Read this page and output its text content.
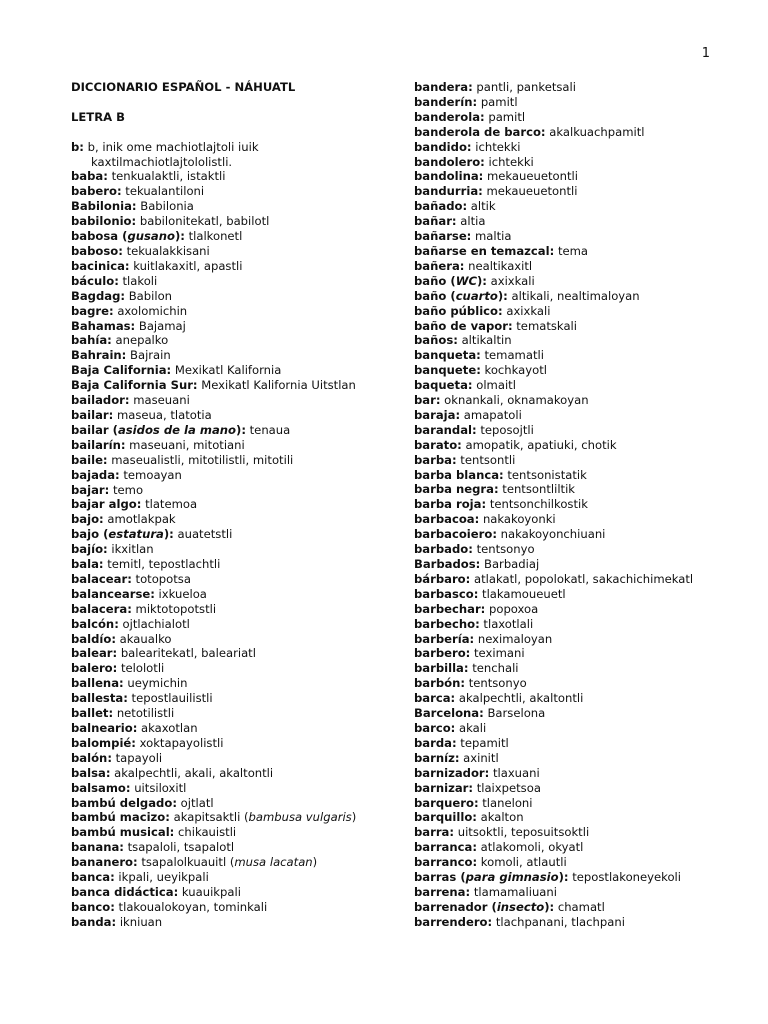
1
DICCIONARIO ESPAÑOL - NÁHUATL
LETRA B
b: b, inik ome machiotlajtoli iuik kaxtilmachiotlajtololistli.
baba: tenkualaktli, istaktli
babero: tekualantiloni
Babilonia: Babilonia
babilonio: babilonitekatl, babilotl
babosa (gusano): tlalkonetl
baboso: tekualakkisani
bacinica: kuitlakaxitl, apastli
báculo: tlakoli
Bagdag: Babilon
bagre: axolomichin
Bahamas: Bajamaj
bahía: anepalko
Bahrain: Bajrain
Baja California: Mexikatl Kalifornia
Baja California Sur: Mexikatl Kalifornia Uitstlan
bailador: maseuani
bailar: maseua, tlatotia
bailar (asidos de la mano): tenaua
bailarín: maseuani, mitotiani
baile: maseualistli, mitotilistli, mitotili
bajada: temoayan
bajar: temo
bajar algo: tlatemoa
bajo: amotlakpak
bajo (estatura): auatetstli
bajío: ikxitlan
bala: temitl, tepostlachtli
balacear: totopotsa
balancearse: ixkueloa
balacera: miktotopotstli
balcón: ojtlachialotl
baldío: akaualko
balear: balearitekatl, baleariatl
balero: telolotli
ballena: ueymichin
ballesta: tepostlauilistli
ballet: netotilistli
balneario: akaxotlan
balompié: xoktapayolistli
balón: tapayoli
balsa: akalpechtli, akali, akaltontli
balsamo: uitsiloxitl
bambú delgado: ojtlatl
bambú macizo: akapitsaktli (bambusa vulgaris)
bambú musical: chikauistli
banana: tsapaloli, tsapalotl
bananero: tsapalolkuauitl (musa lacatan)
banca: ikpali, ueyikpali
banca didáctica: kuauikpali
banco: tlakoualokoyan, tominkali
banda: ikniuan
bandera: pantli, panketsali
banderín: pamitl
banderola: pamitl
banderola de barco: akalkuachpamitl
bandido: ichtekki
bandolero: ichtekki
bandolina: mekaueuetontli
bandurria: mekaueuetontli
bañado: altik
bañar: altia
bañarse: maltia
bañarse en temazcal: tema
bañera: nealtikaxitl
baño (WC): axixkali
baño (cuarto): altikali, nealtimaloyan
baño público: axixkali
baño de vapor: tematskali
baños: altikaltin
banqueta: temamatli
banquete: kochkayotl
baqueta: olmaitl
bar: oknankali, oknamakoyan
baraja: amapatoli
barandal: teposojtli
barato: amopatik, apatiuki, chotik
barba: tentsontli
barba blanca: tentsonistatik
barba negra: tentsontliltik
barba roja: tentsonchilkostik
barbacoa: nakakoyonki
barbacoiero: nakakoyonchiuani
barbado: tentsonyo
Barbados: Barbadiaj
bárbaro: atlakatl, popolokatl, sakachichimekatl
barbasco: tlakamoueuetl
barbechar: popoxoa
barbecho: tlaxotlali
barbería: neximaloyan
barbero: teximani
barbilla: tenchali
barbón: tentsonyo
barca: akalpechtli, akaltontli
Barcelona: Barselona
barco: akali
barda: tepamitl
barníz: axinitl
barnizador: tlaxuani
barnizar: tlaixpetsoa
barquero: tlaneloni
barquillo: akalton
barra: uitsoktli, teposuitsoktli
barranca: atlakomoli, okyatl
barranco: komoli, atlautli
barras (para gimnasio): tepostlakoneyekoli
barrena: tlamamaliuani
barrenador (insecto): chamatl
barrendero: tlachpanani, tlachpani
